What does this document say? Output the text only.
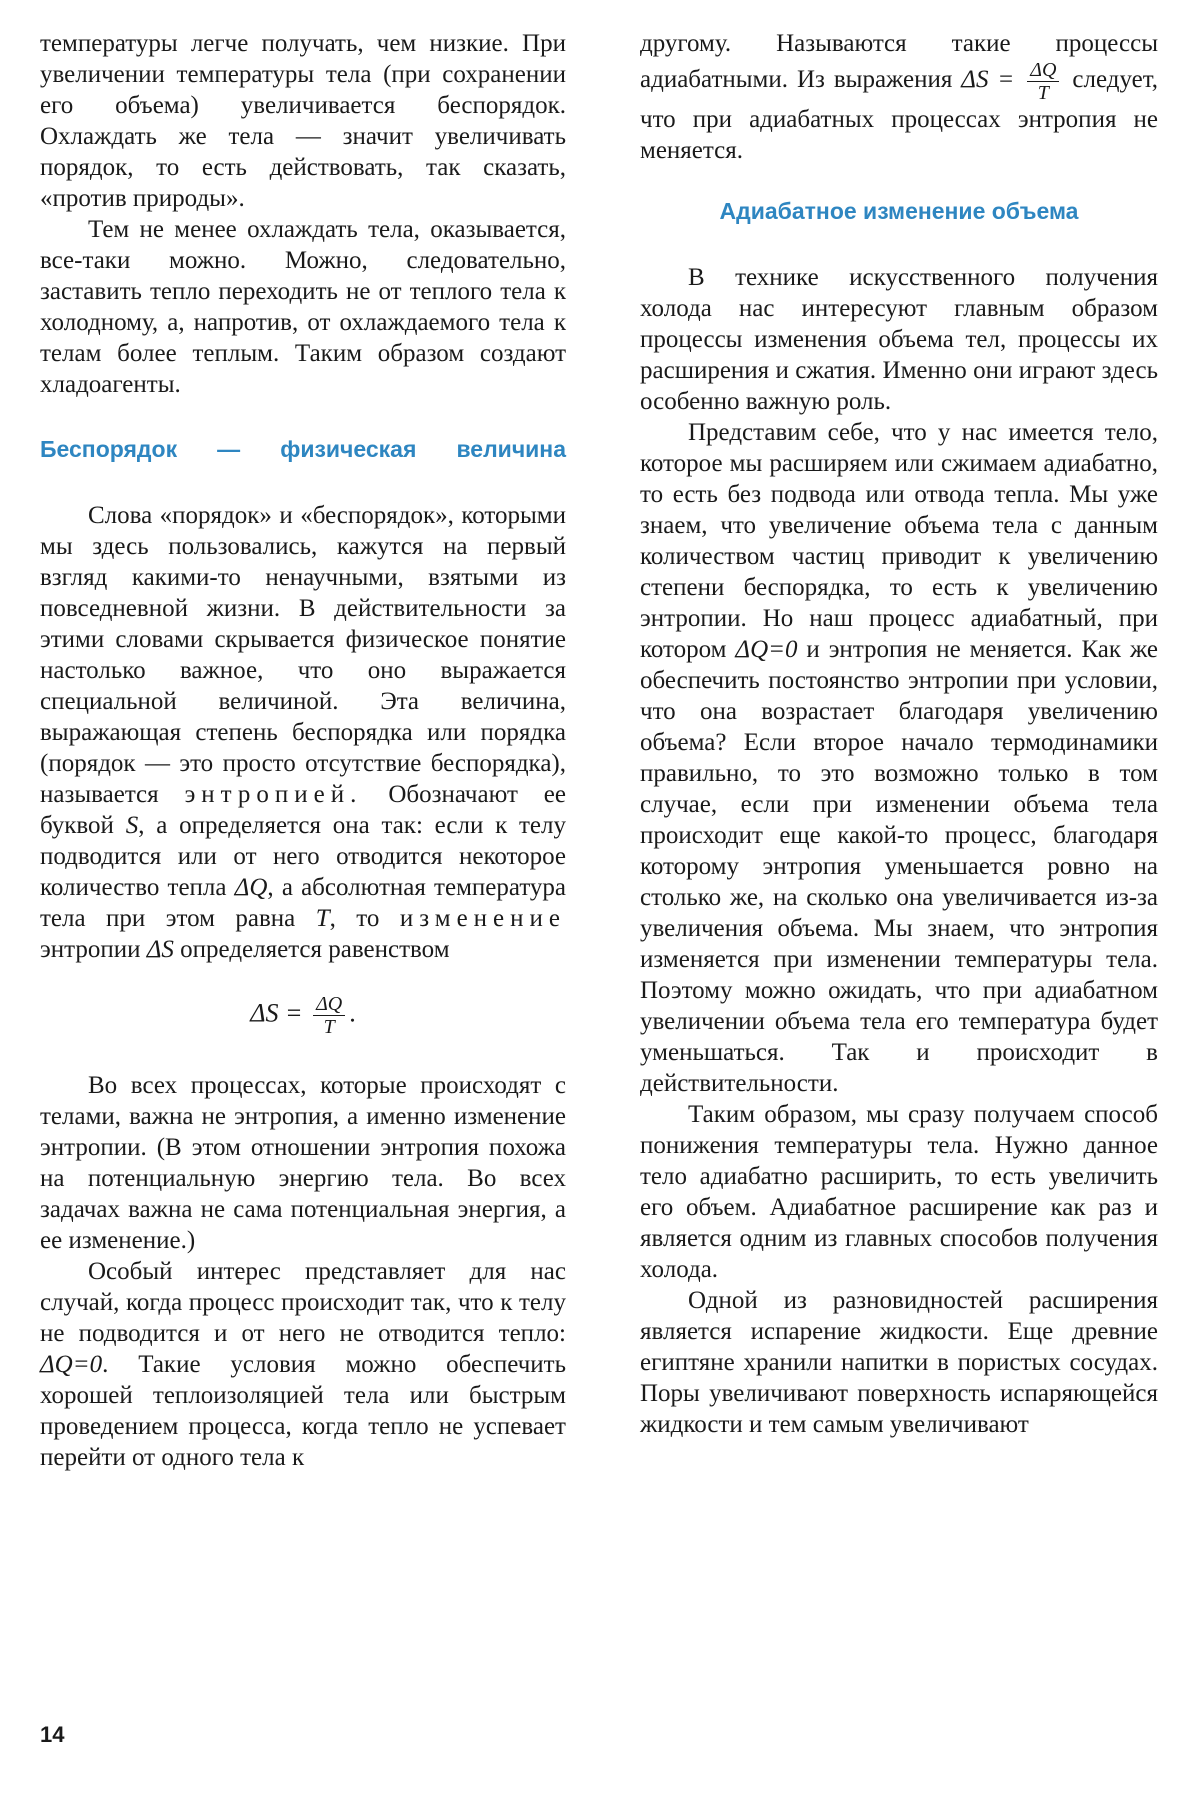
температуры легче получать, чем низкие. При увеличении температуры тела (при сохранении его объема) увеличивается беспорядок. Охлаждать же тела — значит увеличивать порядок, то есть действовать, так сказать, «против природы».

Тем не менее охлаждать тела, оказывается, все-таки можно. Можно, следовательно, заставить тепло переходить не от теплого тела к холодному, а, напротив, от охлаждаемого тела к телам более теплым. Таким образом создают хладоагенты.

Беспорядок — физическая величина

Слова «порядок» и «беспорядок», которыми мы здесь пользовались, кажутся на первый взгляд какими-то ненаучными, взятыми из повседневной жизни. В действительности за этими словами скрывается физическое понятие настолько важное, что оно выражается специальной величиной. Эта величина, выражающая степень беспорядка или порядка (порядок — это просто отсутствие беспорядка), называется энтропией. Обозначают ее буквой S, а определяется она так: если к телу подводится или от него отводится некоторое количество тепла ΔQ, а абсолютная температура тела при этом равна T, то изменение энтропии ΔS определяется равенством

$\Delta S = \frac{\Delta Q}{T}$ .

Во всех процессах, которые происходят с телами, важна не энтропия, а именно изменение энтропии. (В этом отношении энтропия похожа на потенциальную энергию тела. Во всех задачах важна не сама потенциальная энергия, а ее изменение.)

Особый интерес представляет для нас случай, когда процесс происходит так, что к телу не подводится и от него не отводится тепло: ΔQ=0. Такие условия можно обеспечить хорошей теплоизоляцией тела или быстрым проведением процесса, когда тепло не успевает перейти от одного тела к

другому. Называются такие процессы адиабатными. Из выражения $\Delta S = \frac{\Delta Q}{T}$ следует, что при адиабатных процессах энтропия не меняется.

Адиабатное изменение объема

В технике искусственного получения холода нас интересуют главным образом процессы изменения объема тел, процессы их расширения и сжатия. Именно они играют здесь особенно важную роль.

Представим себе, что у нас имеется тело, которое мы расширяем или сжимаем адиабатно, то есть без подвода или отвода тепла. Мы уже знаем, что увеличение объема тела с данным количеством частиц приводит к увеличению степени беспорядка, то есть к увеличению энтропии. Но наш процесс адиабатный, при котором ΔQ=0 и энтропия не меняется. Как же обеспечить постоянство энтропии при условии, что она возрастает благодаря увеличению объема? Если второе начало термодинамики правильно, то это возможно только в том случае, если при изменении объема тела происходит еще какой-то процесс, благодаря которому энтропия уменьшается ровно на столько же, на сколько она увеличивается из-за увеличения объема. Мы знаем, что энтропия изменяется при изменении температуры тела. Поэтому можно ожидать, что при адиабатном увеличении объема тела его температура будет уменьшаться. Так и происходит в действительности.

Таким образом, мы сразу получаем способ понижения температуры тела. Нужно данное тело адиабатно расширить, то есть увеличить его объем. Адиабатное расширение как раз и является одним из главных способов получения холода.

Одной из разновидностей расширения является испарение жидкости. Еще древние египтяне хранили напитки в пористых сосудах. Поры увеличивают поверхность испаряющейся жидкости и тем самым увеличивают

14
